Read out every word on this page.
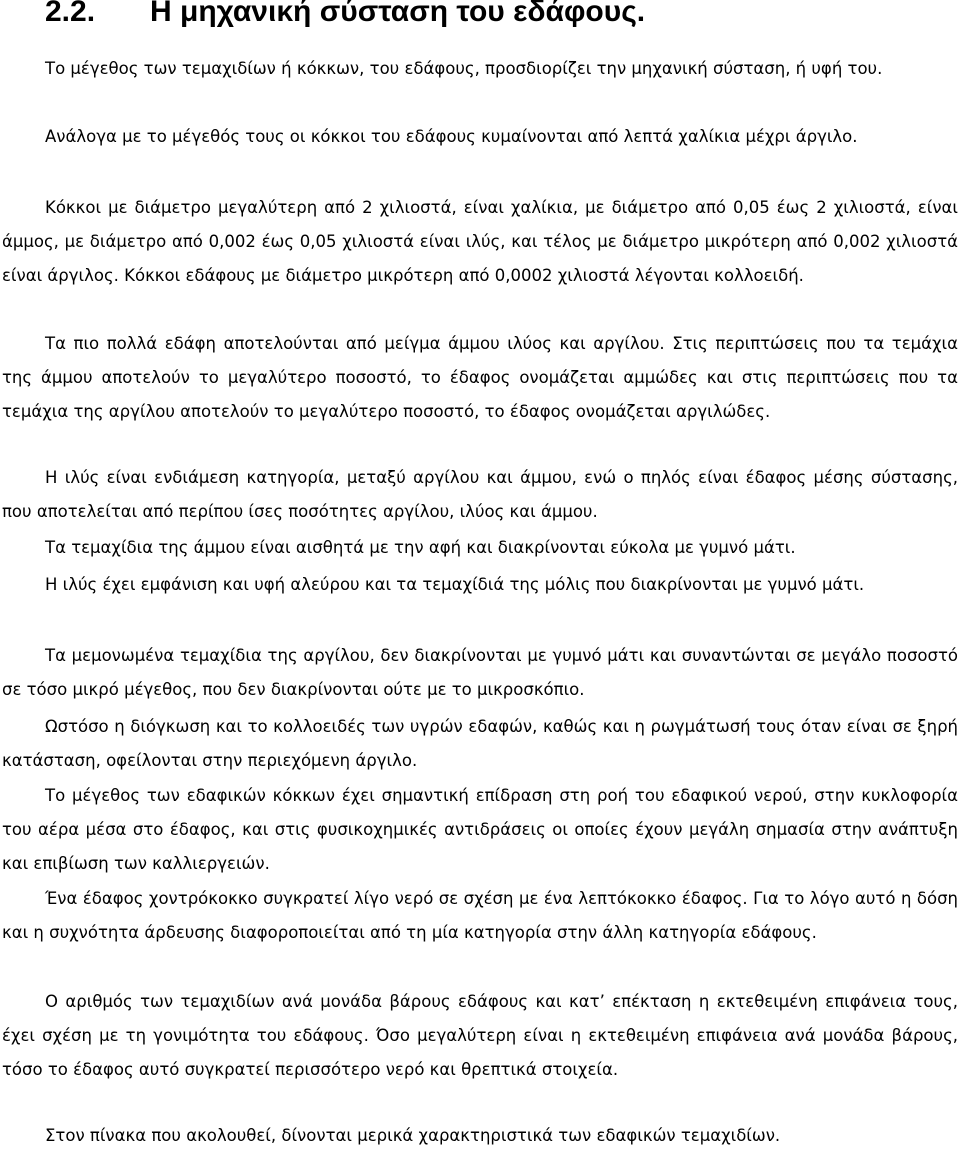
2.2. Η μηχανική σύσταση του εδάφους.

Το μέγεθος των τεμαχιδίων ή κόκκων, του εδάφους, προσδιορίζει την μηχανική σύσταση, ή υφή του.

Ανάλογα με το μέγεθός τους οι κόκκοι του εδάφους κυμαίνονται από λεπτά χαλίκια μέχρι άργιλο.

Κόκκοι με διάμετρο μεγαλύτερη από 2 χιλιοστά, είναι χαλίκια, με διάμετρο από 0,05 έως 2 χιλιοστά, είναι άμμος, με διάμετρο από 0,002 έως 0,05 χιλιοστά είναι ιλύς, και τέλος με διάμετρο μικρότερη από 0,002 χιλιοστά είναι άργιλος. Κόκκοι εδάφους με διάμετρο μικρότερη από 0,0002 χιλιοστά λέγονται κολλοειδή.

Τα πιο πολλά εδάφη αποτελούνται από μείγμα άμμου ιλύος και αργίλου. Στις περιπτώσεις που τα τεμάχια της άμμου αποτελούν το μεγαλύτερο ποσοστό, το έδαφος ονομάζεται αμμώδες και στις περιπτώσεις που τα τεμάχια της αργίλου αποτελούν το μεγαλύτερο ποσοστό, το έδαφος ονομάζεται αργιλώδες.

Η ιλύς είναι ενδιάμεση κατηγορία, μεταξύ αργίλου και άμμου, ενώ ο πηλός είναι έδαφος μέσης σύστασης, που αποτελείται από περίπου ίσες ποσότητες αργίλου, ιλύος και άμμου.

Τα τεμαχίδια της άμμου είναι αισθητά με την αφή και διακρίνονται εύκολα με γυμνό μάτι.

Η ιλύς έχει εμφάνιση και υφή αλεύρου και τα τεμαχίδιά της μόλις που διακρίνονται με γυμνό μάτι.

Τα μεμονωμένα τεμαχίδια της αργίλου, δεν διακρίνονται με γυμνό μάτι και συναντώνται σε μεγάλο ποσοστό σε τόσο μικρό μέγεθος, που δεν διακρίνονται ούτε με το μικροσκόπιο.

Ωστόσο η διόγκωση και το κολλοειδές των υγρών εδαφών, καθώς και η ρωγμάτωσή τους όταν είναι σε ξηρή κατάσταση, οφείλονται στην περιεχόμενη άργιλο.

Το μέγεθος των εδαφικών κόκκων έχει σημαντική επίδραση στη ροή του εδαφικού νερού, στην κυκλοφορία του αέρα μέσα στο έδαφος, και στις φυσικοχημικές αντιδράσεις οι οποίες έχουν μεγάλη σημασία στην ανάπτυξη και επιβίωση των καλλιεργειών.

Ένα έδαφος χοντρόκοκκο συγκρατεί λίγο νερό σε σχέση με ένα λεπτόκοκκο έδαφος. Για το λόγο αυτό η δόση και η συχνότητα άρδευσης διαφοροποιείται από τη μία κατηγορία στην άλλη κατηγορία εδάφους.

Ο αριθμός των τεμαχιδίων ανά μονάδα βάρους εδάφους και κατ’ επέκταση η εκτεθειμένη επιφάνεια τους, έχει σχέση με τη γονιμότητα του εδάφους. Όσο μεγαλύτερη είναι η εκτεθειμένη επιφάνεια ανά μονάδα βάρους, τόσο το έδαφος αυτό συγκρατεί περισσότερο νερό και θρεπτικά στοιχεία.

Στον πίνακα που ακολουθεί, δίνονται μερικά χαρακτηριστικά των εδαφικών τεμαχιδίων.
